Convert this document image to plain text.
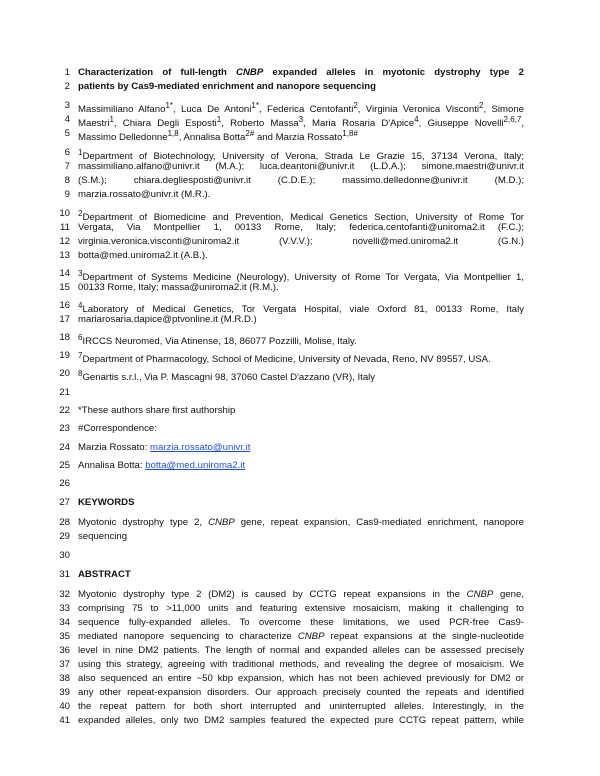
1 Characterization of full-length CNBP expanded alleles in myotonic dystrophy type 2
2 patients by Cas9-mediated enrichment and nanopore sequencing
3 Massimiliano Alfano$^{1*}$, Luca De Antoni$^{1*}$, Federica Centofanti$^2$, Virginia Veronica Visconti$^2$, Simone
4 Maestri$^1$, Chiara Degli Esposti$^1$, Roberto Massa$^3$, Maria Rosaria D'Apice$^4$, Giuseppe Novelli$^{2,6,7}$,
5 Massimo Delledonne$^{1,8}$, Annalisa Botta$^{2\#}$ and Marzia Rossato$^{1,8\#}$
6 $^1$Department of Biotechnology, University of Verona, Strada Le Grazie 15, 37134 Verona, Italy;
7 massimiliano.alfano@univr.it (M.A.); luca.deantoni@univr.it (L.D.A.); simone.maestri@univr.it
8 (S.M.); chiara.degliesposti@univr.it (C.D.E.); massimo.delledonne@univr.it (M.D.);
9 marzia.rossato@univr.it (M.R.).
10 $^2$Department of Biomedicine and Prevention, Medical Genetics Section, University of Rome Tor
11 Vergata, Via Montpellier 1, 00133 Rome, Italy; federica.centofanti@uniroma2.it (F.C.);
12 virginia.veronica.visconti@uniroma2.it (V.V.V.); novelli@med.uniroma2.it (G.N.)
13 botta@med.uniroma2.it (A.B.).
14 $^3$Department of Systems Medicine (Neurology), University of Rome Tor Vergata, Via Montpellier 1,
15 00133 Rome, Italy; massa@uniroma2.it (R.M.).
16 $^4$Laboratory of Medical Genetics, Tor Vergata Hospital, viale Oxford 81, 00133 Rome, Italy
17 mariarosaria.dapice@ptvonline.it (M.R.D.)
18 $^6$IRCCS Neuromed, Via Atinense, 18, 86077 Pozzilli, Molise, Italy.
19 $^7$Department of Pharmacology, School of Medicine, University of Nevada, Reno, NV 89557, USA.
20 $^8$Genartis s.r.l., Via P. Mascagni 98, 37060 Castel D'azzano (VR), Italy
21
22 *These authors share first authorship
23 #Correspondence:
24 Marzia Rossato: marzia.rossato@univr.it
25 Annalisa Botta: botta@med.uniroma2.it
26
27 KEYWORDS
28 Myotonic dystrophy type 2, CNBP gene, repeat expansion, Cas9-mediated enrichment, nanopore
29 sequencing
30
31 ABSTRACT
32 Myotonic dystrophy type 2 (DM2) is caused by CCTG repeat expansions in the CNBP gene,
33 comprising 75 to >11,000 units and featuring extensive mosaicism, making it challenging to
34 sequence fully-expanded alleles. To overcome these limitations, we used PCR-free Cas9-
35 mediated nanopore sequencing to characterize CNBP repeat expansions at the single-nucleotide
36 level in nine DM2 patients. The length of normal and expanded alleles can be assessed precisely
37 using this strategy, agreeing with traditional methods, and revealing the degree of mosaicism. We
38 also sequenced an entire ~50 kbp expansion, which has not been achieved previously for DM2 or
39 any other repeat-expansion disorders. Our approach precisely counted the repeats and identified
40 the repeat pattern for both short interrupted and uninterrupted alleles. Interestingly, in the
41 expanded alleles, only two DM2 samples featured the expected pure CCTG repeat pattern, while
